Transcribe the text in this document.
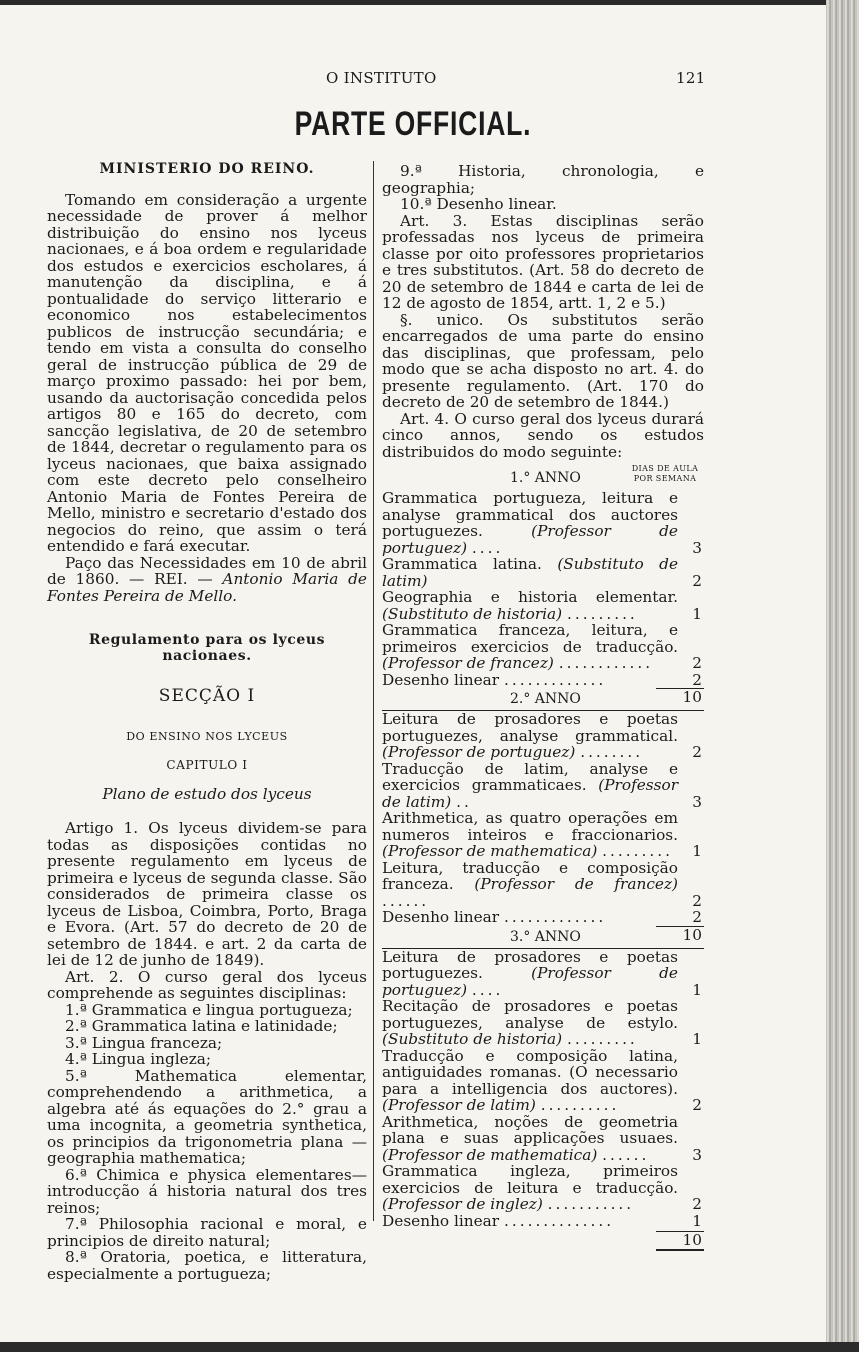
O INSTITUTO	121
PARTE OFFICIAL.

MINISTERIO DO REINO.

Tomando em consideração a urgente necessidade de prover á melhor distribuição do ensino nos lyceus nacionaes, e á boa ordem e regularidade dos estudos e exercicios escholares, á manutenção da disciplina, e á pontualidade do serviço litterario e economico nos estabelecimentos publicos de instrucção secundária; e tendo em vista a consulta do conselho geral de instrucção pública de 29 de março proximo passado: hei por bem, usando da auctorisação concedida pelos artigos 80 e 165 do decreto, com sancção legislativa, de 20 de setembro de 1844, decretar o regulamento para os lyceus nacionaes, que baixa assignado com este decreto pelo conselheiro Antonio Maria de Fontes Pereira de Mello, ministro e secretario d'estado dos negocios do reino, que assim o terá entendido e fará executar.

Paço das Necessidades em 10 de abril de 1860. — REI. — Antonio Maria de Fontes Pereira de Mello.

Regulamento para os lyceus
nacionaes.

SECÇÃO I

DO ENSINO NOS LYCEUS

CAPITULO I

Plano de estudo dos lyceus

Artigo 1. Os lyceus dividem-se para todas as disposições contidas no presente regulamento em lyceus de primeira e lyceus de segunda classe. São considerados de primeira classe os lyceus de Lisboa, Coimbra, Porto, Braga e Evora. (Art. 57 do decreto de 20 de setembro de 1844. e art. 2 da carta de lei de 12 de junho de 1849).

Art. 2. O curso geral dos lyceus comprehende as seguintes disciplinas:

1.ª Grammatica e lingua portugueza;

2.ª Grammatica latina e latinidade;

3.ª Lingua franceza;

4.ª Lingua ingleza;

5.ª Mathematica elementar, comprehendendo a arithmetica, a algebra até ás equações do 2.° grau a uma incognita, a geometria synthetica, os principios da trigonometria plana —geographia mathematica;

6.ª Chimica e physica elementares—introducção á historia natural dos tres reinos;

7.ª Philosophia racional e moral, e principios de direito natural;

8.ª Oratoria, poetica, e litteratura, especialmente a portugueza;

9.ª Historia, chronologia, e geographia;

10.ª Desenho linear.

Art. 3. Estas disciplinas serão professadas nos lyceus de primeira classe por oito professores proprietarios e tres substitutos. (Art. 58 do decreto de 20 de setembro de 1844 e carta de lei de 12 de agosto de 1854, artt. 1, 2 e 5.)

§. unico. Os substitutos serão encarregados de uma parte do ensino das disciplinas, que professam, pelo modo que se acha disposto no art. 4. do presente regulamento. (Art. 170 do decreto de 20 de setembro de 1844.)

Art. 4. O curso geral dos lyceus durará cinco annos, sendo os estudos distribuidos do modo seguinte:

1.° ANNO
DIAS DE AULA
POR SEMANA
Grammatica portugueza, leitura e analyse grammatical dos auctores portuguezes.	(Professor de portuguez) ....	3
Grammatica latina. (Substituto de latim)	2
Geographia e historia elementar. (Substituto de historia) .........	1
Grammatica franceza, leitura, e primeiros exercicios de traducção. (Professor de francez) ............	2
Desenho linear .............	2
2.° ANNO	10
Leitura de prosadores e poetas portuguezes, analyse grammatical. (Professor de portuguez) ........	2
Traducção de latim, analyse e exercicios grammaticaes. (Professor de latim) ..	3
Arithmetica, as quatro operações em numeros inteiros e fraccionarios. (Professor de mathematica) ......... 1
Leitura, traducção e composição franceza. (Professor de francez) ......	2
Desenho linear .............	2
3.° ANNO	10
Leitura de prosadores e poetas portuguezes.	(Professor de portuguez) ....	1
Recitação de prosadores e poetas portuguezes, analyse de estylo. (Substituto de historia) .........	1
Traducção e composição latina, antiguidades romanas. (O necessario para a intelligencia dos auctores). (Professor de latim) ..........	2
Arithmetica, noções de geometria plana e suas applicações usuaes. (Professor de mathematica) ......	3
Grammatica ingleza, primeiros exercicios de leitura e traducção. (Professor de inglez) ...........	2
Desenho linear ..............	1
10
